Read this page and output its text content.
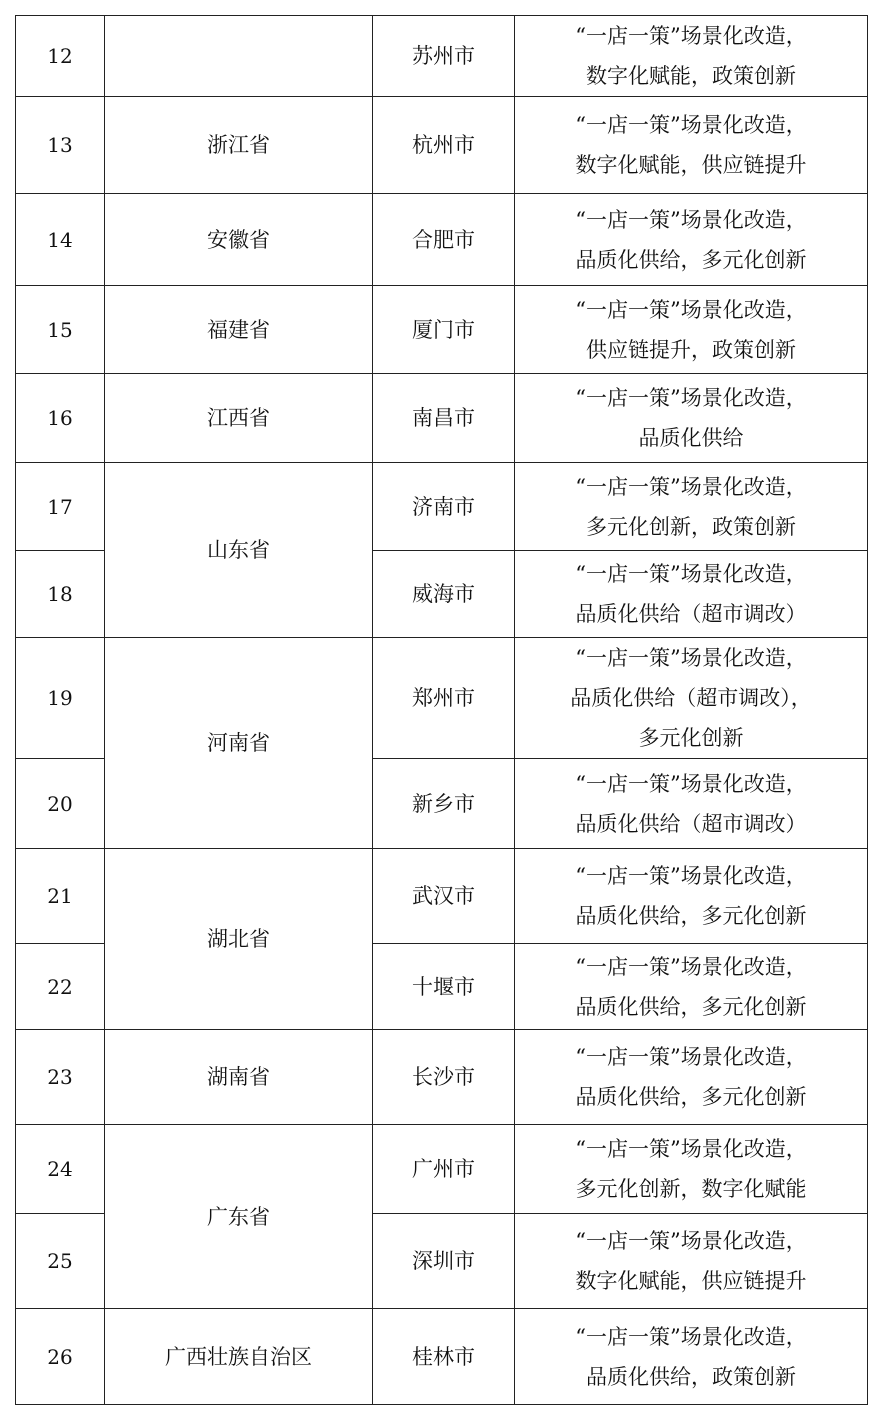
12		苏州市	“一店一策”场景化改造，
数字化赋能，政策创新

13	浙江省	杭州市	“一店一策”场景化改造，
数字化赋能，供应链提升

14	安徽省	合肥市	“一店一策”场景化改造，
品质化供给，多元化创新

15	福建省	厦门市	“一店一策”场景化改造，
供应链提升，政策创新

16	江西省	南昌市	“一店一策”场景化改造，
品质化供给

17	山东省	济南市	“一店一策”场景化改造，
多元化创新，政策创新

18		威海市	“一店一策”场景化改造，
品质化供给（超市调改）

19	河南省	郑州市	“一店一策”场景化改造，
品质化供给（超市调改），
多元化创新

20		新乡市	“一店一策”场景化改造，
品质化供给（超市调改）

21	湖北省	武汉市	“一店一策”场景化改造，
品质化供给，多元化创新

22		十堰市	“一店一策”场景化改造，
品质化供给，多元化创新

23	湖南省	长沙市	“一店一策”场景化改造，
品质化供给，多元化创新

24	广东省	广州市	“一店一策”场景化改造，
多元化创新，数字化赋能

25		深圳市	“一店一策”场景化改造，
数字化赋能，供应链提升

26	广西壮族自治区	桂林市	“一店一策”场景化改造，
品质化供给，政策创新
